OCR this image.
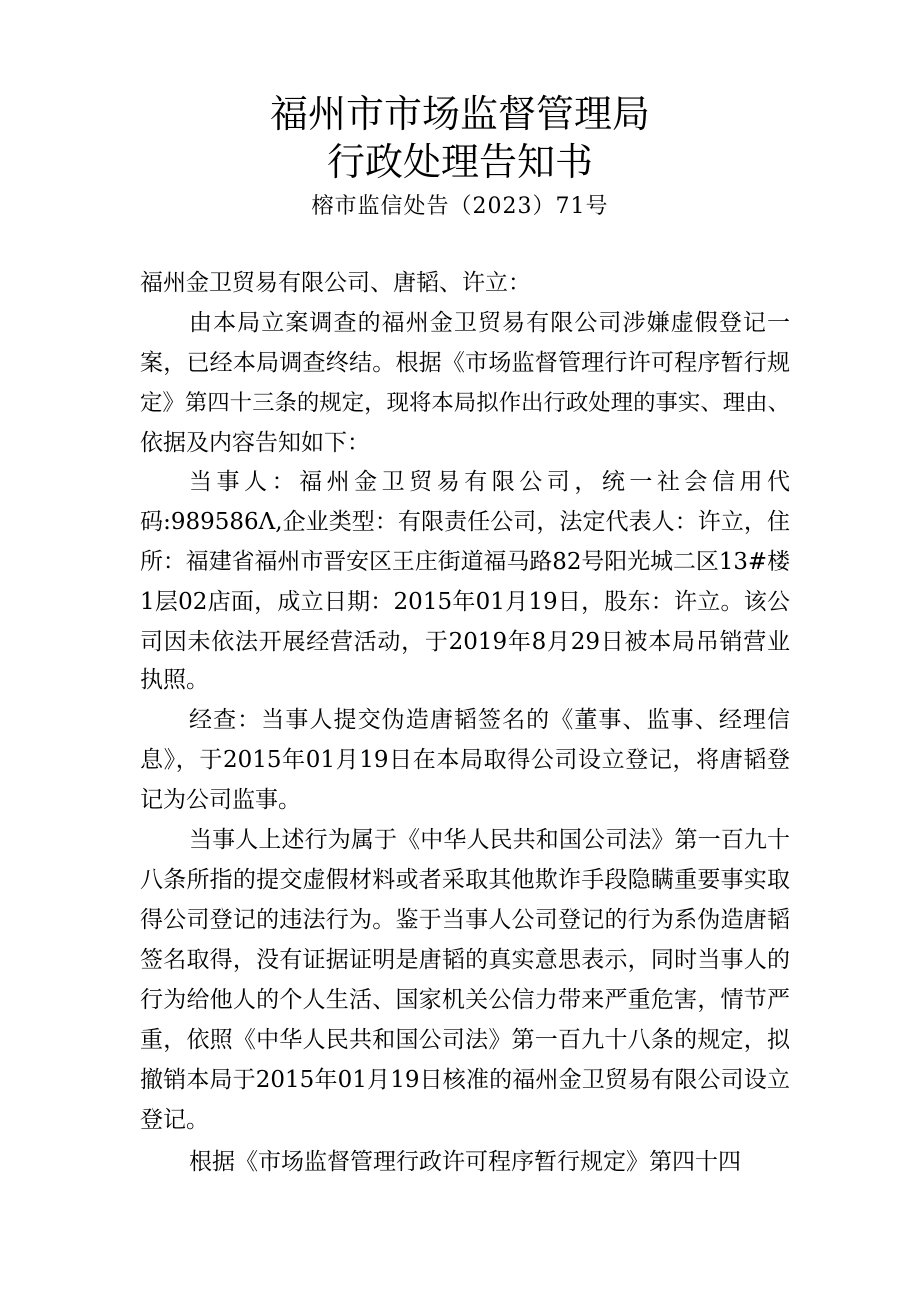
福州市市场监督管理局
行政处理告知书
榕市监信处告（2023）71号
福州金卫贸易有限公司、唐韬、许立：
由本局立案调查的福州金卫贸易有限公司涉嫌虚假登记一
案，已经本局调查终结。根据《市场监督管理行许可程序暂行规
定》第四十三条的规定，现将本局拟作出行政处理的事实、理由、
依据及内容告知如下：
当事人：福州金卫贸易有限公司，统一社会信用代
码:989586Λ,企业类型：有限责任公司，法定代表人：许立，住
所：福建省福州市晋安区王庄街道福马路82号阳光城二区13#楼
1层02店面，成立日期：2015年01月19日，股东：许立。该公
司因未依法开展经营活动，于2019年8月29日被本局吊销营业
执照。
经查：当事人提交伪造唐韬签名的《董事、监事、经理信
息》，于2015年01月19日在本局取得公司设立登记，将唐韬登
记为公司监事。
当事人上述行为属于《中华人民共和国公司法》第一百九十
八条所指的提交虚假材料或者采取其他欺诈手段隐瞒重要事实取
得公司登记的违法行为。鉴于当事人公司登记的行为系伪造唐韬
签名取得，没有证据证明是唐韬的真实意思表示，同时当事人的
行为给他人的个人生活、国家机关公信力带来严重危害，情节严
重，依照《中华人民共和国公司法》第一百九十八条的规定，拟
撤销本局于2015年01月19日核准的福州金卫贸易有限公司设立
登记。
根据《市场监督管理行政许可程序暂行规定》第四十四
